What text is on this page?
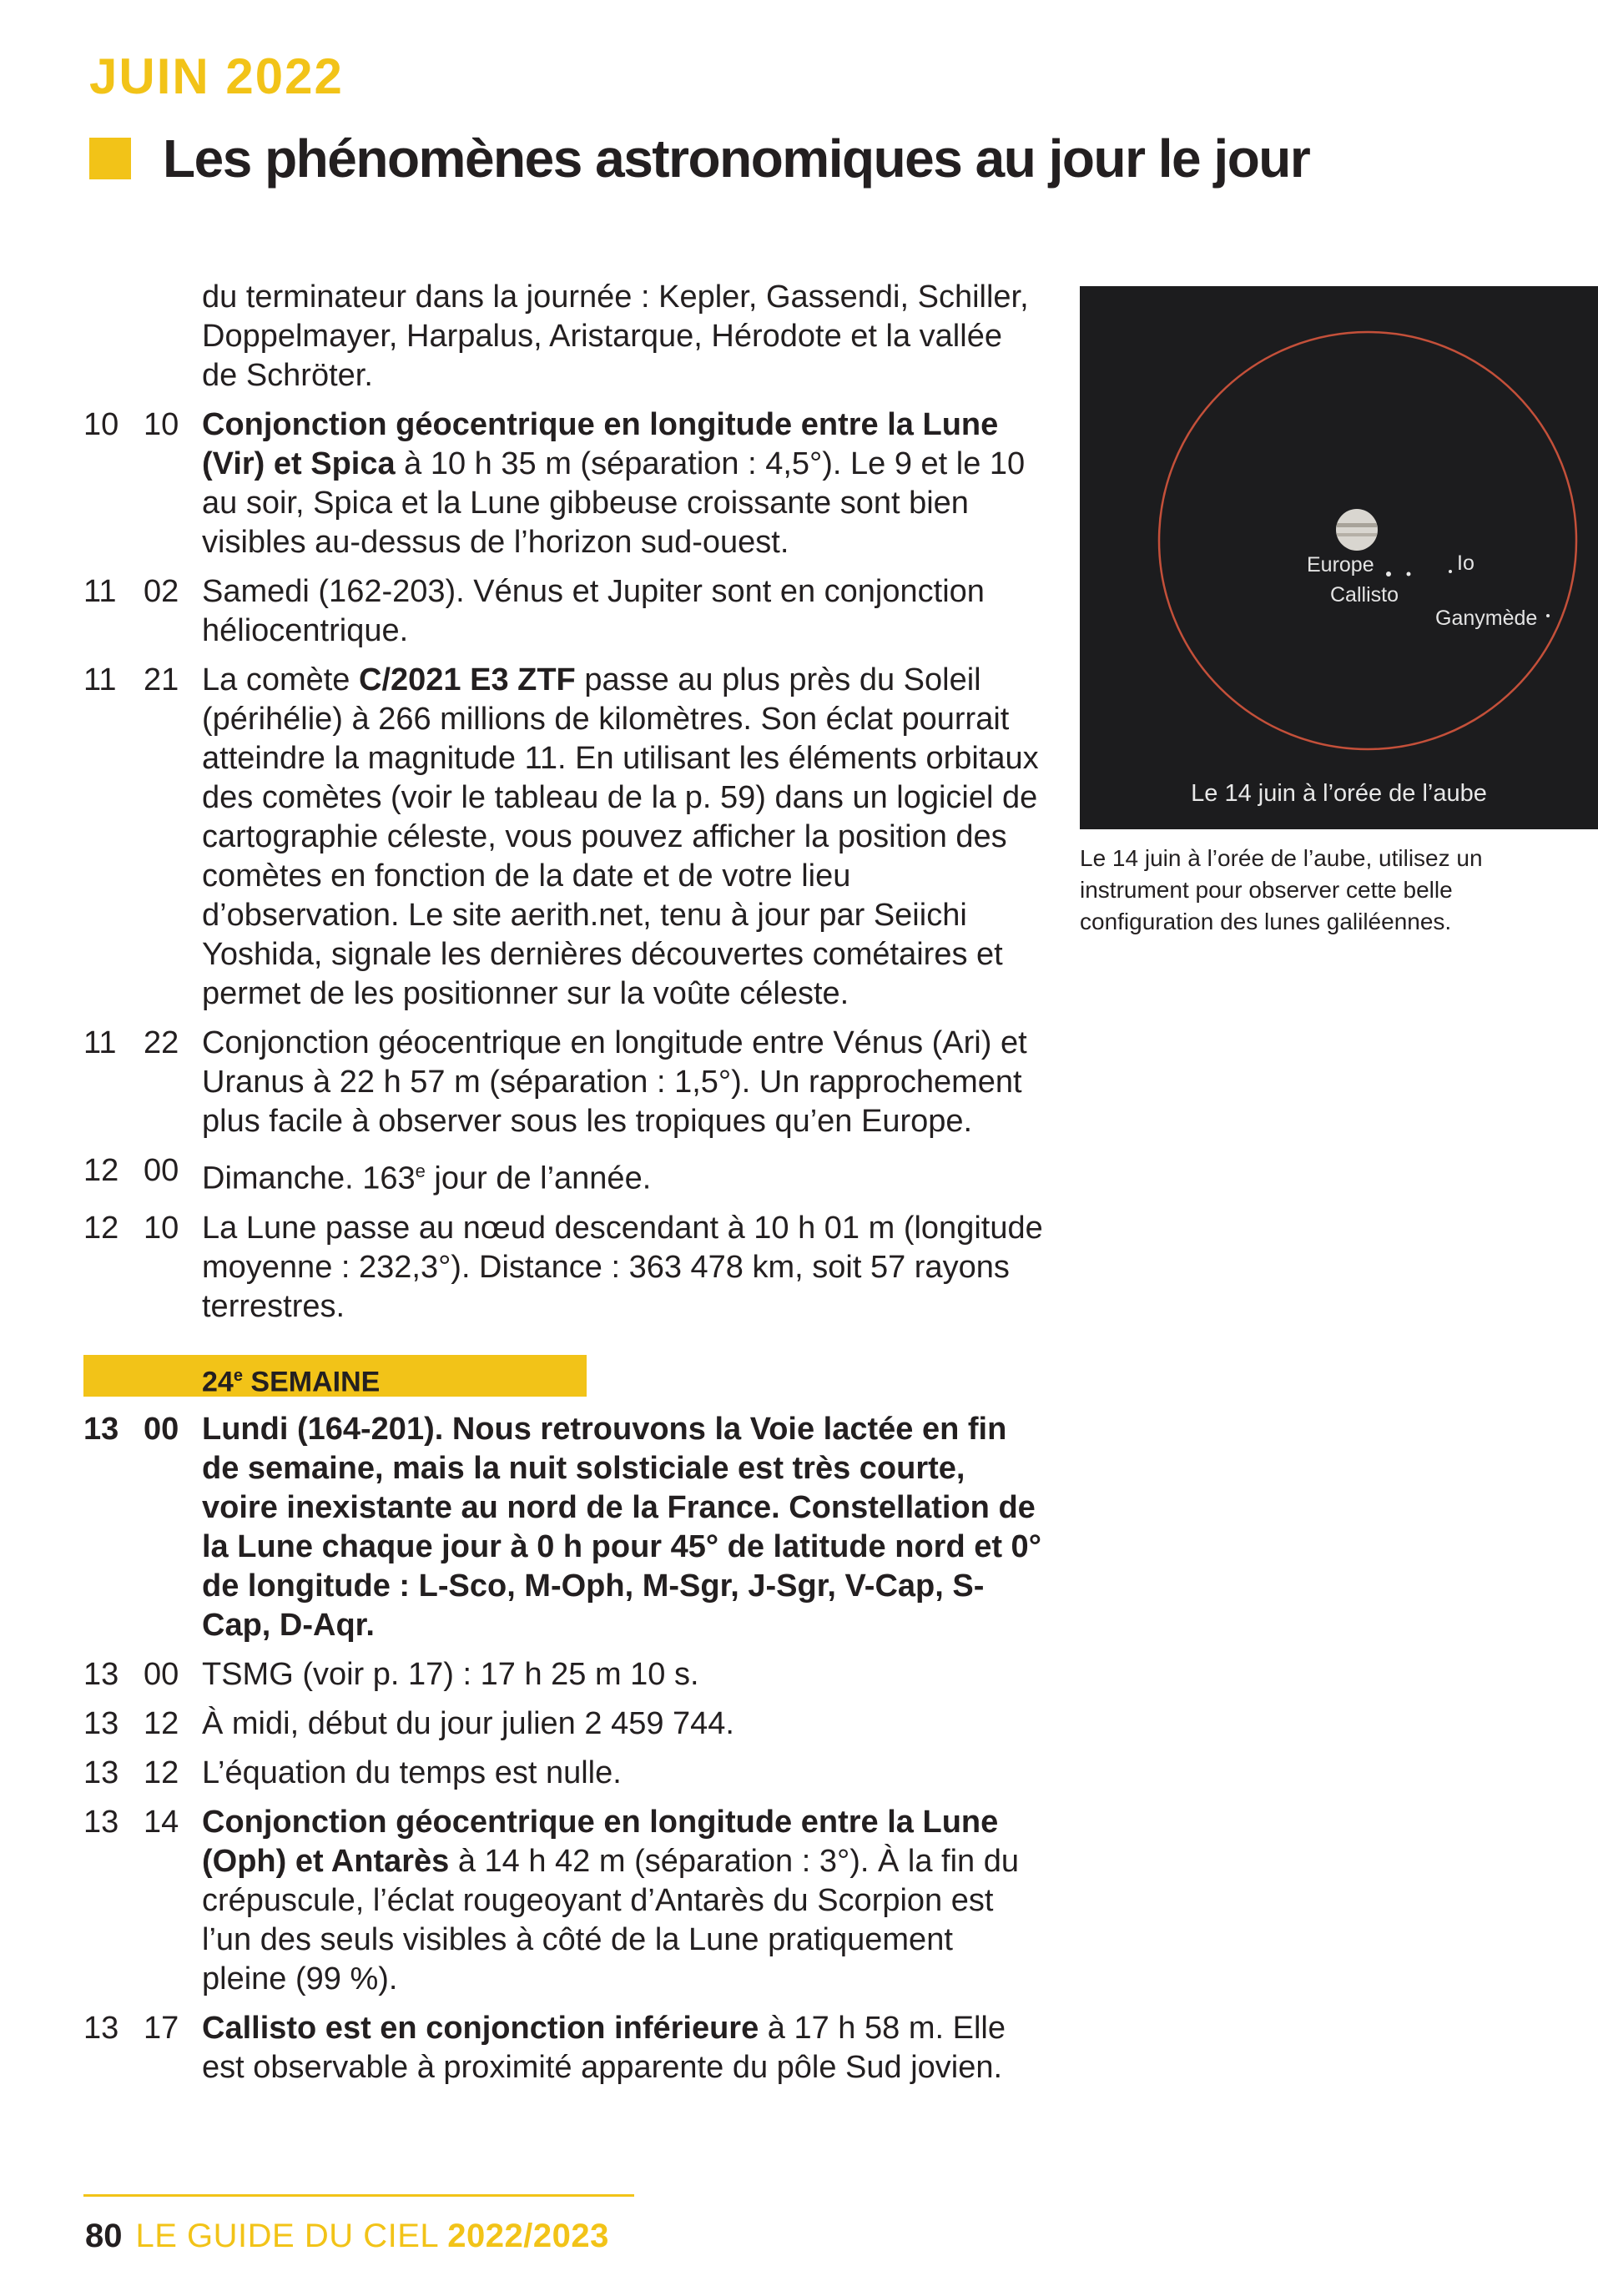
JUIN 2022
Les phénomènes astronomiques au jour le jour
du terminateur dans la journée : Kepler, Gassendi, Schiller, Doppelmayer, Harpalus, Aristarque, Hérodote et la vallée de Schröter.
10 10 Conjonction géocentrique en longitude entre la Lune (Vir) et Spica à 10 h 35 m (séparation : 4,5°). Le 9 et le 10 au soir, Spica et la Lune gibbeuse croissante sont bien visibles au-dessus de l’horizon sud-ouest.
11 02 Samedi (162-203). Vénus et Jupiter sont en conjonction héliocentrique.
11 21 La comète C/2021 E3 ZTF passe au plus près du Soleil (périhélie) à 266 millions de kilomètres. Son éclat pourrait atteindre la magnitude 11. En utilisant les éléments orbitaux des comètes (voir le tableau de la p. 59) dans un logiciel de cartographie céleste, vous pouvez afficher la position des comètes en fonction de la date et de votre lieu d’observation. Le site aerith.net, tenu à jour par Seiichi Yoshida, signale les dernières découvertes cométaires et permet de les positionner sur la voûte céleste.
11 22 Conjonction géocentrique en longitude entre Vénus (Ari) et Uranus à 22 h 57 m (séparation : 1,5°). Un rapprochement plus facile à observer sous les tropiques qu’en Europe.
12 00 Dimanche. 163e jour de l’année.
12 10 La Lune passe au nœud descendant à 10 h 01 m (longitude moyenne : 232,3°). Distance : 363 478 km, soit 57 rayons terrestres.
24e SEMAINE
13 00 Lundi (164-201). Nous retrouvons la Voie lactée en fin de semaine, mais la nuit solsticiale est très courte, voire inexistante au nord de la France. Constellation de la Lune chaque jour à 0 h pour 45° de latitude nord et 0° de longitude : L-Sco, M-Oph, M-Sgr, J-Sgr, V-Cap, S-Cap, D-Aqr.
13 00 TSMG (voir p. 17) : 17 h 25 m 10 s.
13 12 À midi, début du jour julien 2 459 744.
13 12 L’équation du temps est nulle.
13 14 Conjonction géocentrique en longitude entre la Lune (Oph) et Antarès à 14 h 42 m (séparation : 3°). À la fin du crépuscule, l’éclat rougeoyant d’Antarès du Scorpion est l’un des seuls visibles à côté de la Lune pratiquement pleine (99 %).
13 17 Callisto est en conjonction inférieure à 17 h 58 m. Elle est observable à proximité apparente du pôle Sud jovien.
Europe	Io
Callisto
Ganymède
Le 14 juin à l’orée de l’aube
Le 14 juin à l’orée de l’aube, utilisez un instrument pour observer cette belle configuration des lunes galiléennes.
80 LE GUIDE DU CIEL 2022/2023
